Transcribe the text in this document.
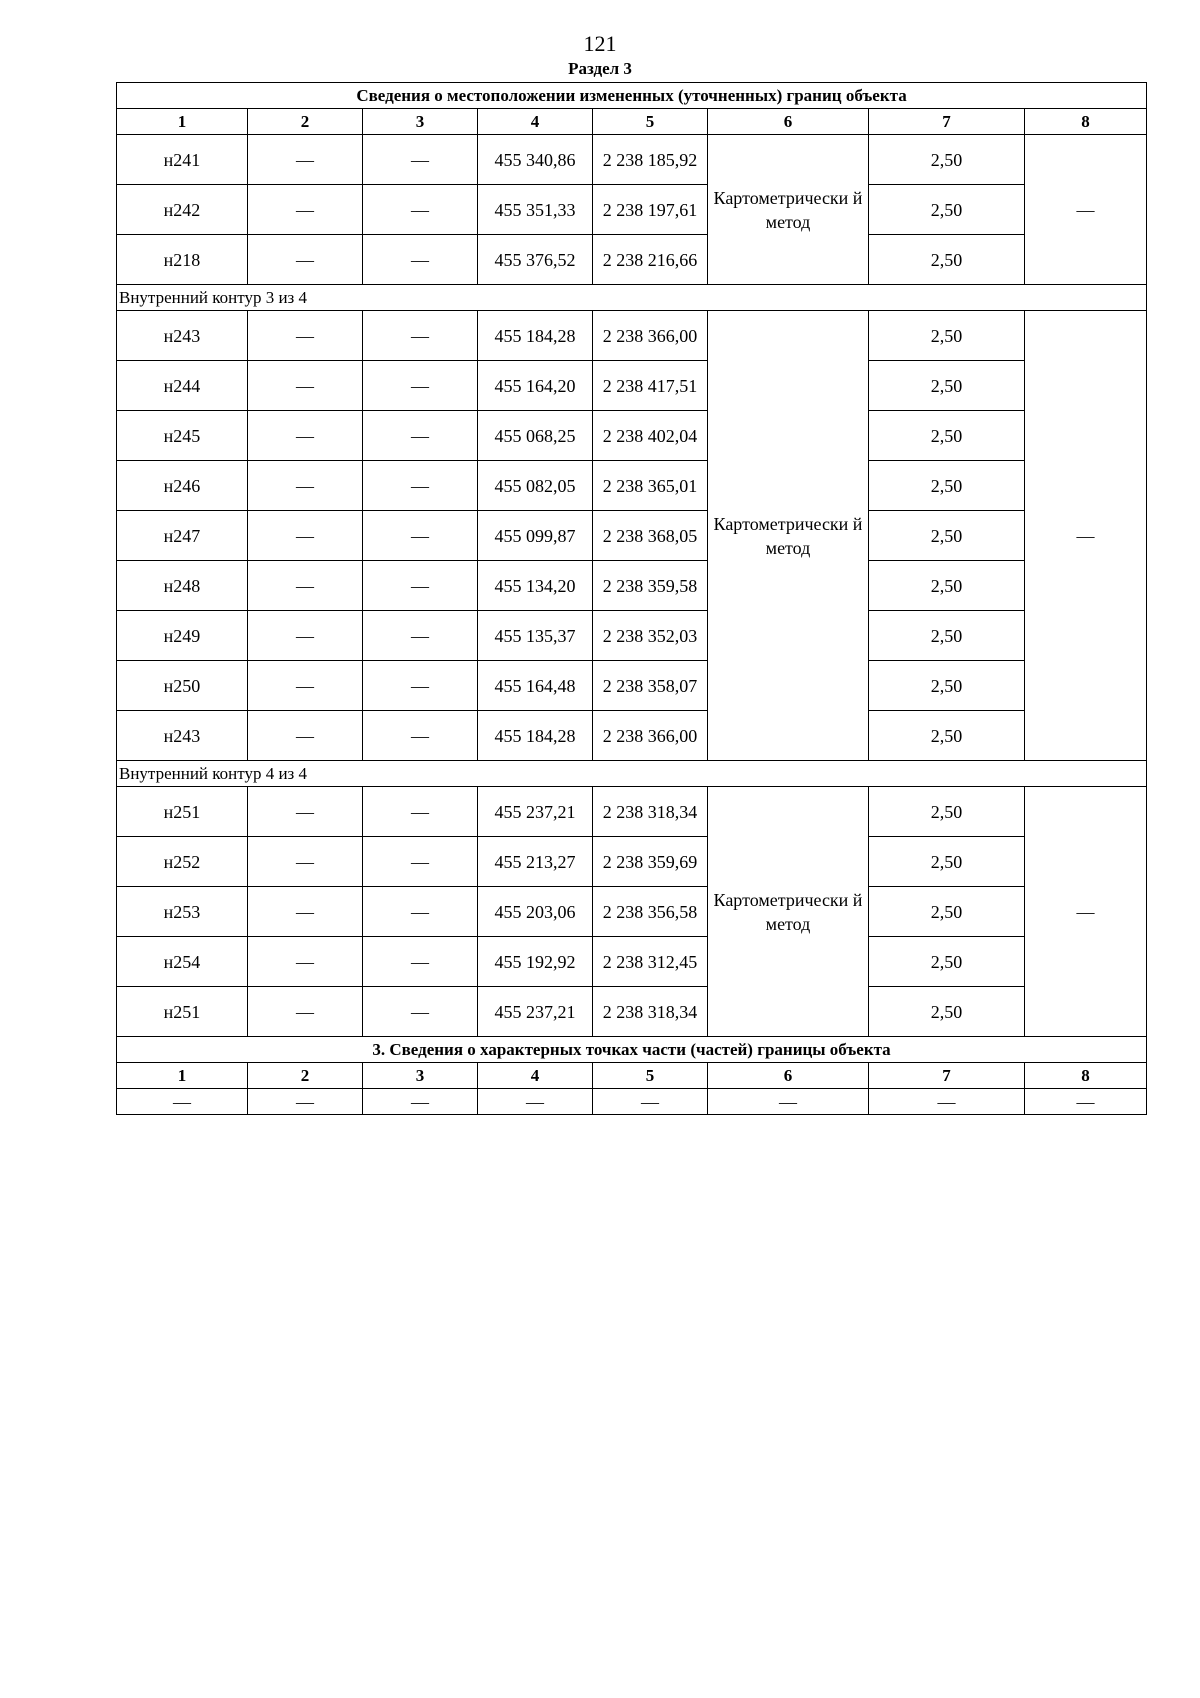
121
Раздел 3
Сведения о местоположении измененных (уточненных) границ объекта							
1	2	3	4	5	6	7	8
н241	—	—	455 340,86	2 238 185,92	Картометрически й метод	2,50	—
н242	—	—	455 351,33	2 238 197,61		2,50	
н218	—	—	455 376,52	2 238 216,66		2,50	
Внутренний контур 3 из 4							
н243	—	—	455 184,28	2 238 366,00	Картометрически й метод	2,50	—
н244	—	—	455 164,20	2 238 417,51		2,50	
н245	—	—	455 068,25	2 238 402,04		2,50	
н246	—	—	455 082,05	2 238 365,01		2,50	
н247	—	—	455 099,87	2 238 368,05		2,50	
н248	—	—	455 134,20	2 238 359,58		2,50	
н249	—	—	455 135,37	2 238 352,03		2,50	
н250	—	—	455 164,48	2 238 358,07		2,50	
н243	—	—	455 184,28	2 238 366,00		2,50	
Внутренний контур 4 из 4							
н251	—	—	455 237,21	2 238 318,34	Картометрически й метод	2,50	—
н252	—	—	455 213,27	2 238 359,69		2,50	
н253	—	—	455 203,06	2 238 356,58		2,50	
н254	—	—	455 192,92	2 238 312,45		2,50	
н251	—	—	455 237,21	2 238 318,34		2,50	
3. Сведения о характерных точках части (частей) границы объекта							
1	2	3	4	5	6	7	8
—	—	—	—	—	—	—	—
